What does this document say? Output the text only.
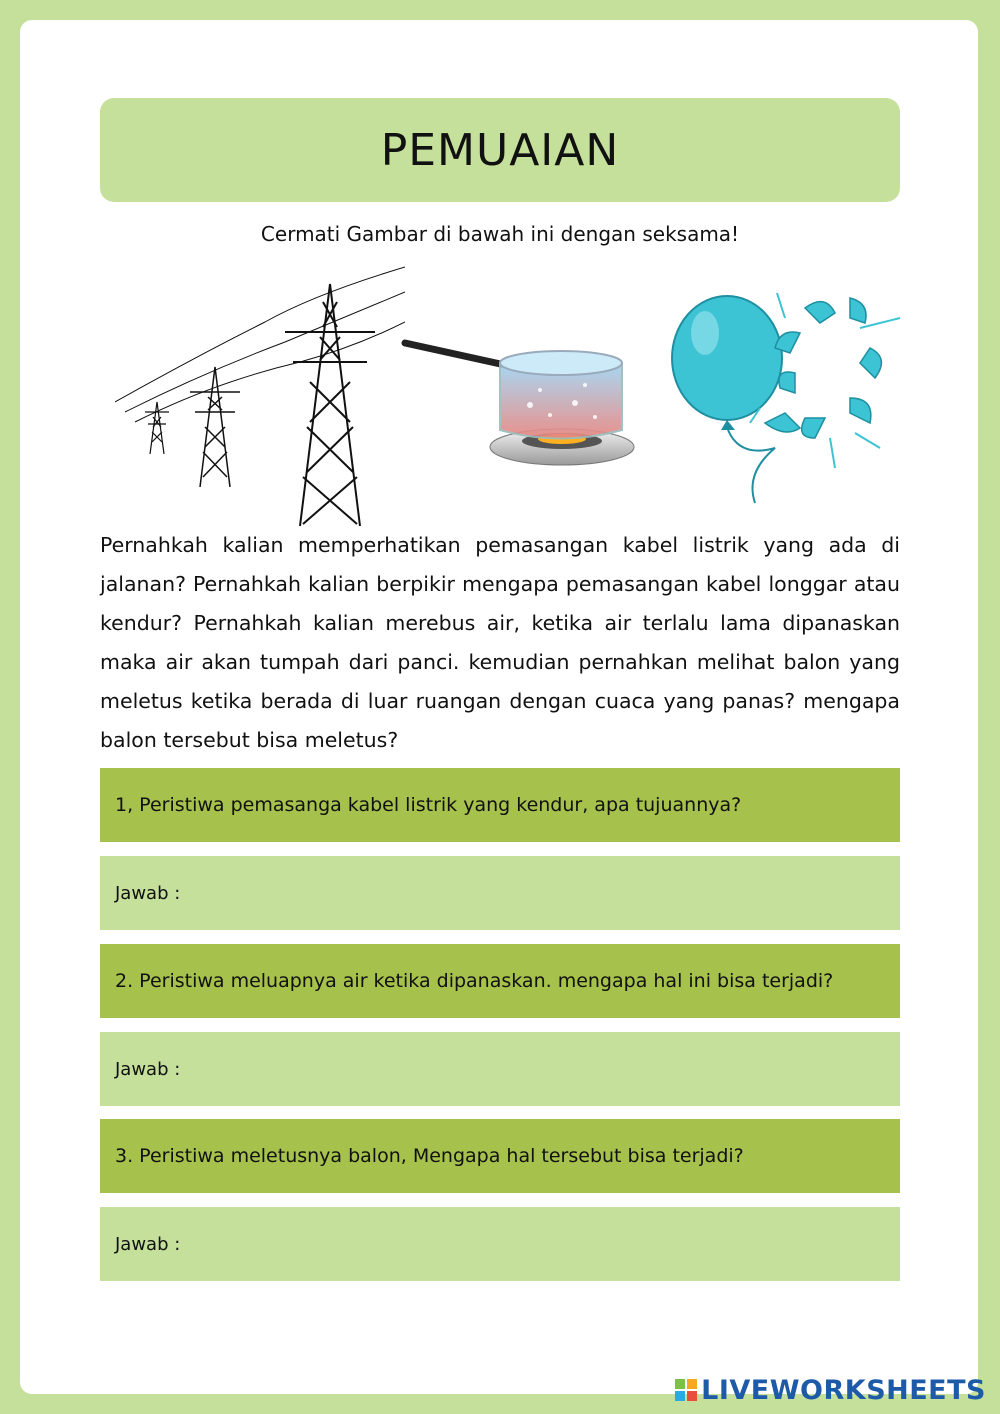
PEMUAIAN
Cermati Gambar di bawah ini dengan seksama!

Pernahkah kalian memperhatikan pemasangan kabel listrik yang ada di jalanan? Pernahkah kalian berpikir mengapa pemasangan kabel longgar atau kendur? Pernahkah kalian merebus air, ketika air terlalu lama dipanaskan maka air akan tumpah dari panci. kemudian pernahkan melihat balon yang meletus ketika berada di luar ruangan dengan cuaca yang panas? mengapa balon tersebut bisa meletus?

1, Peristiwa pemasanga kabel listrik yang kendur, apa tujuannya?
Jawab :
2. Peristiwa meluapnya air ketika dipanaskan. mengapa hal ini bisa terjadi?
Jawab :
3. Peristiwa meletusnya balon, Mengapa hal tersebut bisa terjadi?
Jawab :
LIVEWORKSHEETS
